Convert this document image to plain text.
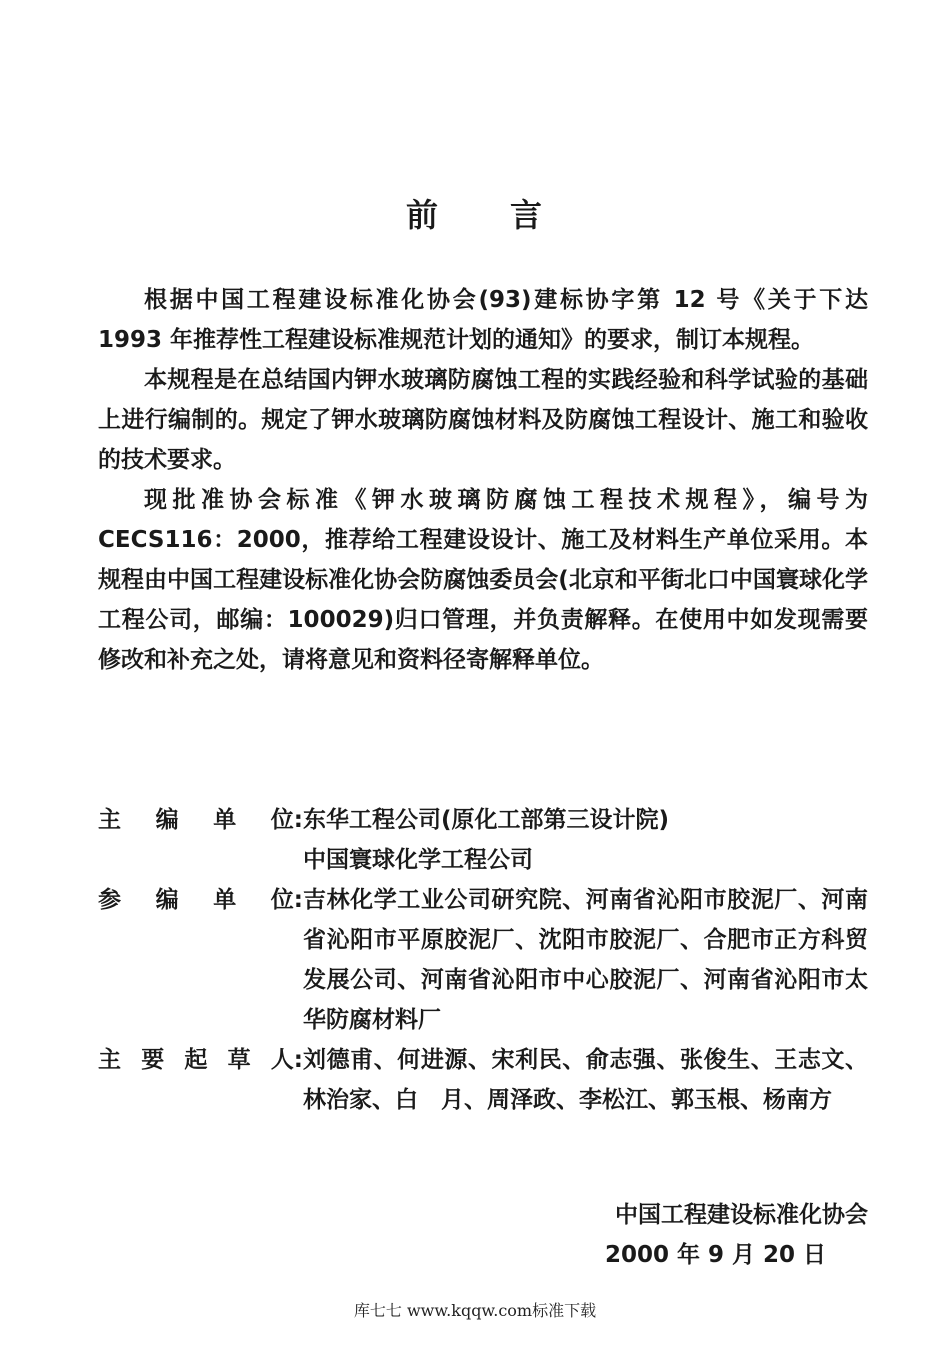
前 言

根据中国工程建设标准化协会(93)建标协字第 12 号《关于下达 1993 年推荐性工程建设标准规范计划的通知》的要求，制订本规程。

本规程是在总结国内钾水玻璃防腐蚀工程的实践经验和科学试验的基础上进行编制的。规定了钾水玻璃防腐蚀材料及防腐蚀工程设计、施工和验收的技术要求。

现批准协会标准《钾水玻璃防腐蚀工程技术规程》，编号为 CECS116：2000，推荐给工程建设设计、施工及材料生产单位采用。本规程由中国工程建设标准化协会防腐蚀委员会(北京和平街北口中国寰球化学工程公司，邮编：100029)归口管理，并负责解释。在使用中如发现需要修改和补充之处，请将意见和资料径寄解释单位。

主 编 单 位 : 东华工程公司(原化工部第三设计院)
中国寰球化学工程公司
参 编 单 位 : 吉林化学工业公司研究院、河南省沁阳市胶泥厂、河南省沁阳市平原胶泥厂、沈阳市胶泥厂、合肥市正方科贸发展公司、河南省沁阳市中心胶泥厂、河南省沁阳市太华防腐材料厂
主要起草人 : 刘德甫、何进源、宋利民、俞志强、张俊生、王志文、林治家、白　月、周泽政、李松江、郭玉根、杨南方
中国工程建设标准化协会
2000 年 9 月 20 日
库七七 www.kqqw.com标准下载
